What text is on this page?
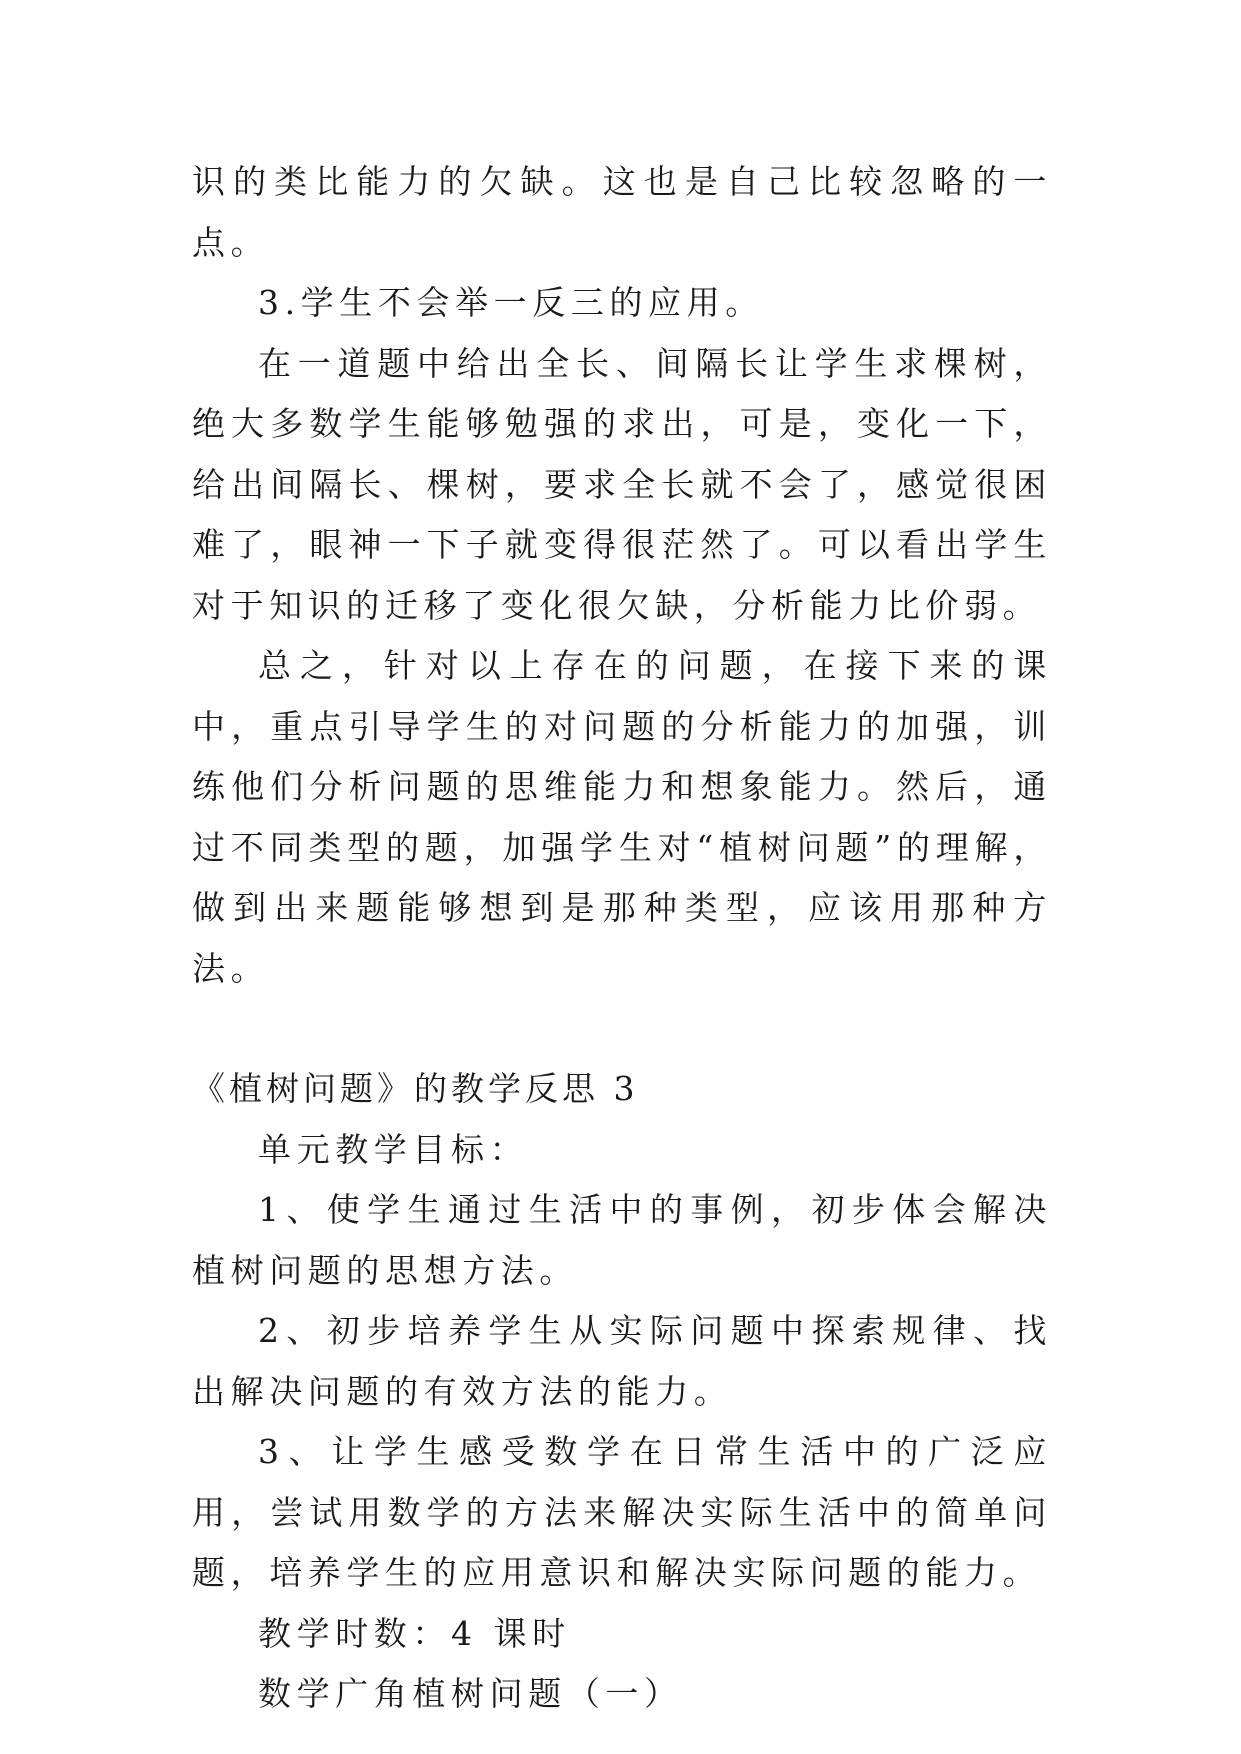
识的类比能力的欠缺。这也是自己比较忽略的一点。

3.学生不会举一反三的应用。

在一道题中给出全长、间隔长让学生求棵树，绝大多数学生能够勉强的求出，可是，变化一下，给出间隔长、棵树，要求全长就不会了，感觉很困难了，眼神一下子就变得很茫然了。可以看出学生对于知识的迁移了变化很欠缺，分析能力比价弱。

总之，针对以上存在的问题，在接下来的课中，重点引导学生的对问题的分析能力的加强，训练他们分析问题的思维能力和想象能力。然后，通过不同类型的题，加强学生对“植树问题”的理解，做到出来题能够想到是那种类型，应该用那种方法。

《植树问题》的教学反思 3

单元教学目标：

1、使学生通过生活中的事例，初步体会解决植树问题的思想方法。

2、初步培养学生从实际问题中探索规律、找出解决问题的有效方法的能力。

3、让学生感受数学在日常生活中的广泛应用，尝试用数学的方法来解决实际生活中的简单问题，培养学生的应用意识和解决实际问题的能力。

教学时数：4 课时

数学广角植树问题（一）
